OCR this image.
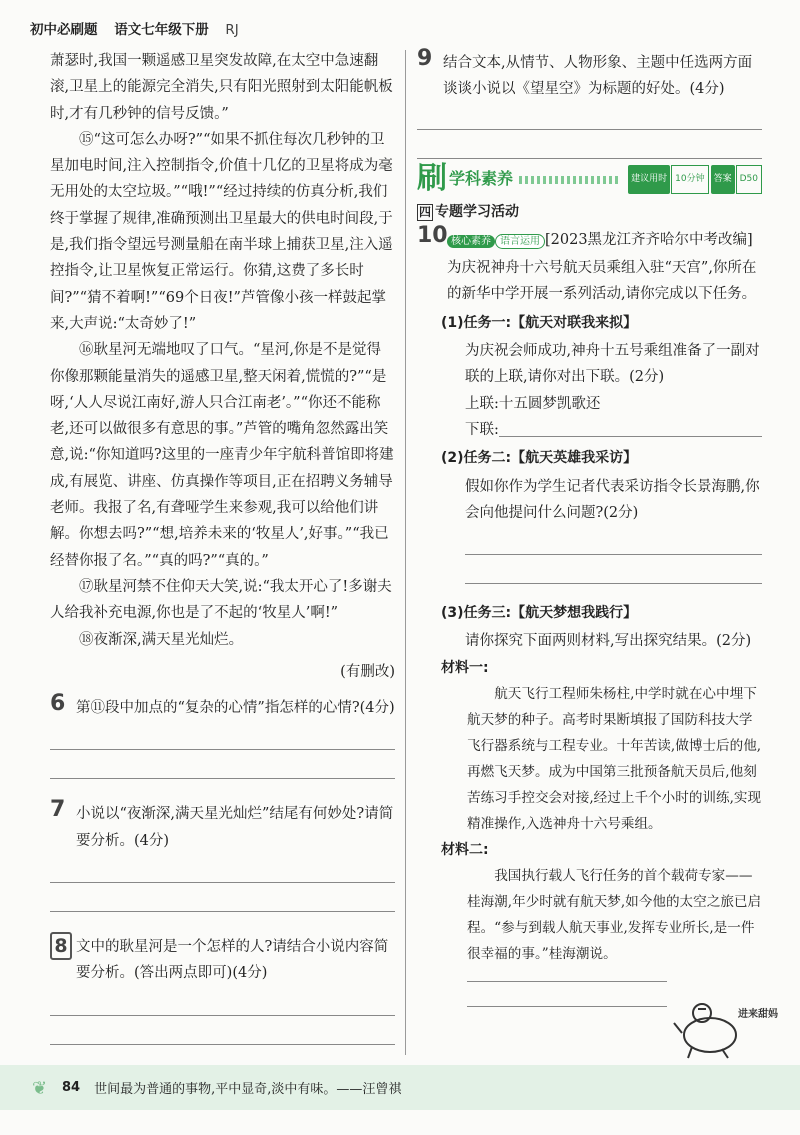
初中必刷题 语文七年级下册 RJ

萧瑟时,我国一颗遥感卫星突发故障,在太空中急速翻滚,卫星上的能源完全消失,只有阳光照射到太阳能帆板时,才有几秒钟的信号反馈。”

⑮“这可怎么办呀?”“如果不抓住每次几秒钟的卫星加电时间,注入控制指令,价值十几亿的卫星将成为毫无用处的太空垃圾。”“哦!”“经过持续的仿真分析,我们终于掌握了规律,准确预测出卫星最大的供电时间段,于是,我们指令望远号测量船在南半球上捕获卫星,注入遥控指令,让卫星恢复正常运行。你猜,这费了多长时间?”“猜不着啊!”“69个日夜!”芦管像小孩一样鼓起掌来,大声说:“太奇妙了!”

⑯耿星河无端地叹了口气。“星河,你是不是觉得你像那颗能量消失的遥感卫星,整天闲着,慌慌的?”“是呀,‘人人尽说江南好,游人只合江南老’。”“你还不能称老,还可以做很多有意思的事。”芦管的嘴角忽然露出笑意,说:“你知道吗?这里的一座青少年宇航科普馆即将建成,有展览、讲座、仿真操作等项目,正在招聘义务辅导老师。我报了名,有聋哑学生来参观,我可以给他们讲解。你想去吗?”“想,培养未来的‘牧星人’,好事。”“我已经替你报了名。”“真的吗?”“真的。”

⑰耿星河禁不住仰天大笑,说:“我太开心了!多谢夫人给我补充电源,你也是了不起的‘牧星人’啊!”

⑱夜渐深,满天星光灿烂。

(有删改)

6 第⑪段中加点的“复杂的心情”指怎样的心情?(4分)

7 小说以“夜渐深,满天星光灿烂”结尾有何妙处?请简要分析。(4分)

8 文中的耿星河是一个怎样的人?请结合小说内容简要分析。(答出两点即可)(4分)

9 结合文本,从情节、人物形象、主题中任选两方面谈谈小说以《望星空》为标题的好处。(4分)

刷 学科素养	建议用时 10分钟	答案 D50
四 专题学习活动
10 核心素养 语言运用 [2023黑龙江齐齐哈尔中考改编]为庆祝神舟十六号航天员乘组入驻“天宫”,你所在的新华中学开展一系列活动,请你完成以下任务。

(1)任务一:【航天对联我来拟】

为庆祝会师成功,神舟十五号乘组准备了一副对联的上联,请你对出下联。(2分)

上联:十五圆梦凯歌还

下联:

(2)任务二:【航天英雄我采访】

假如你作为学生记者代表采访指令长景海鹏,你会向他提问什么问题?(2分)

(3)任务三:【航天梦想我践行】

请你探究下面两则材料,写出探究结果。(2分)

材料一:

航天飞行工程师朱杨柱,中学时就在心中埋下航天梦的种子。高考时果断填报了国防科技大学飞行器系统与工程专业。十年苦读,做博士后的他,再燃飞天梦。成为中国第三批预备航天员后,他刻苦练习手控交会对接,经过上千个小时的训练,实现精准操作,入选神舟十六号乘组。

材料二:

我国执行载人飞行任务的首个载荷专家——桂海潮,年少时就有航天梦,如今他的太空之旅已启程。“参与到载人航天事业,发挥专业所长,是一件很幸福的事。”桂海潮说。

进来甜妈
❦	84 世间最为普通的事物,平中显奇,淡中有味。——汪曾祺
